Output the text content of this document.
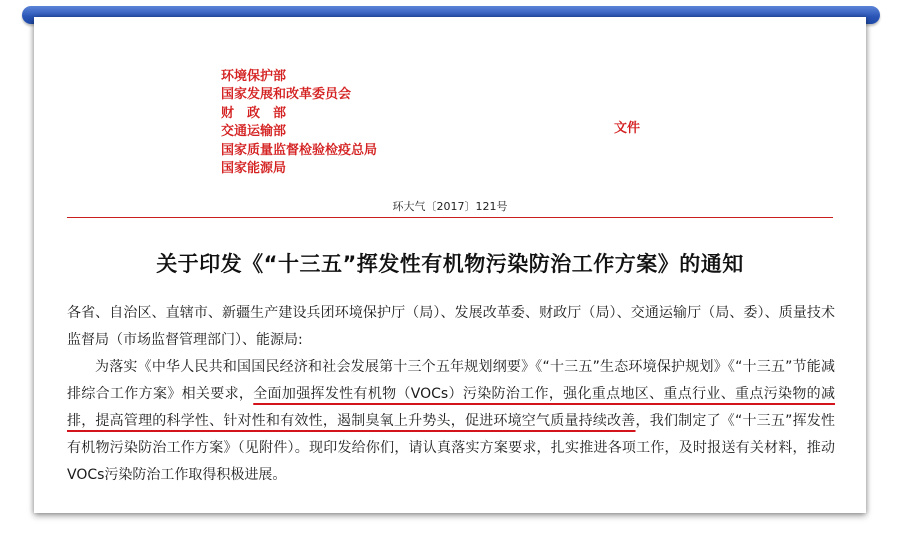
环境保护部
国家发展和改革委员会
财　政　部
交通运输部
国家质量监督检验检疫总局
国家能源局
文件
环大气〔2017〕121号
关于印发《“十三五”挥发性有机物污染防治工作方案》的通知

各省、自治区、直辖市、新疆生产建设兵团环境保护厅（局）、发展改革委、财政厅（局）、交通运输厅（局、委）、质量技术监督局（市场监督管理部门）、能源局:

为落实《中华人民共和国国民经济和社会发展第十三个五年规划纲要》《“十三五”生态环境保护规划》《“十三五”节能减排综合工作方案》相关要求，全面加强挥发性有机物（VOCs）污染防治工作，强化重点地区、重点行业、重点污染物的减排，提高管理的科学性、针对性和有效性，遏制臭氧上升势头，促进环境空气质量持续改善，我们制定了《“十三五”挥发性有机物污染防治工作方案》（见附件）。现印发给你们，请认真落实方案要求，扎实推进各项工作，及时报送有关材料，推动VOCs污染防治工作取得积极进展。
